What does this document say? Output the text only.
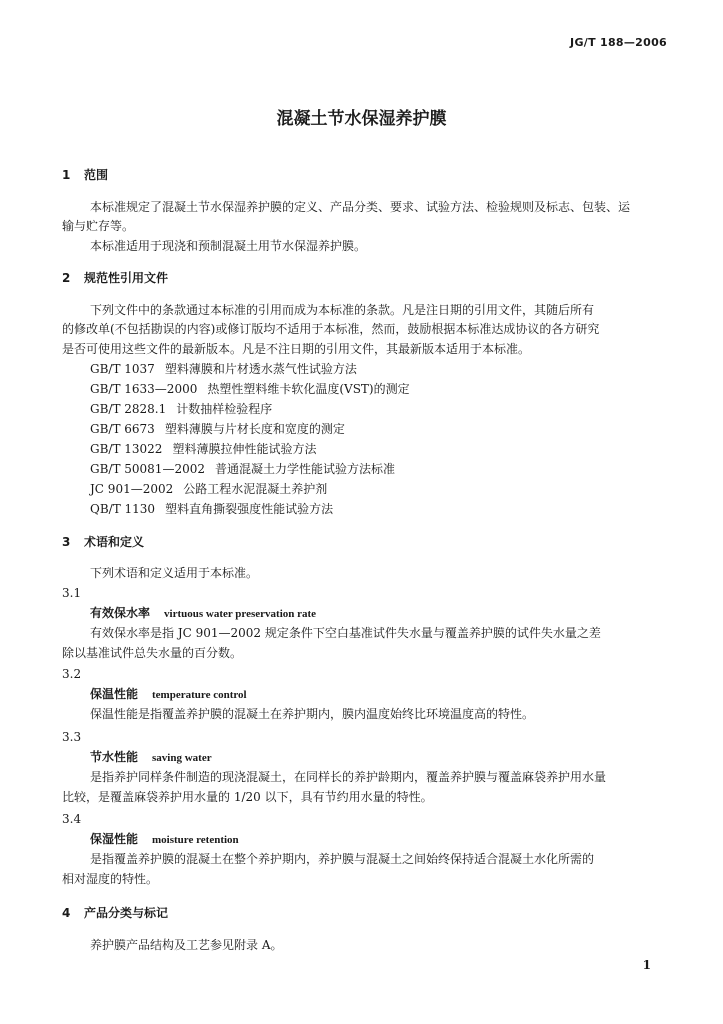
JG/T 188—2006
混凝土节水保湿养护膜
1 范围
本标准规定了混凝土节水保湿养护膜的定义、产品分类、要求、试验方法、检验规则及标志、包装、运
输与贮存等。
本标准适用于现浇和预制混凝土用节水保湿养护膜。
2 规范性引用文件
下列文件中的条款通过本标准的引用而成为本标准的条款。凡是注日期的引用文件，其随后所有
的修改单(不包括勘误的内容)或修订版均不适用于本标准，然而，鼓励根据本标准达成协议的各方研究
是否可使用这些文件的最新版本。凡是不注日期的引用文件，其最新版本适用于本标准。
GB/T 1037 塑料薄膜和片材透水蒸气性试验方法
GB/T 1633—2000 热塑性塑料维卡软化温度(VST)的测定
GB/T 2828.1 计数抽样检验程序
GB/T 6673 塑料薄膜与片材长度和宽度的测定
GB/T 13022 塑料薄膜拉伸性能试验方法
GB/T 50081—2002 普通混凝土力学性能试验方法标准
JC 901—2002 公路工程水泥混凝土养护剂
QB/T 1130 塑料直角撕裂强度性能试验方法
3 术语和定义
下列术语和定义适用于本标准。
3.1
有效保水率 virtuous water preservation rate
有效保水率是指 JC 901—2002 规定条件下空白基准试件失水量与覆盖养护膜的试件失水量之差
除以基准试件总失水量的百分数。
3.2
保温性能 temperature control
保温性能是指覆盖养护膜的混凝土在养护期内，膜内温度始终比环境温度高的特性。
3.3
节水性能 saving water
是指养护同样条件制造的现浇混凝土，在同样长的养护龄期内，覆盖养护膜与覆盖麻袋养护用水量
比较，是覆盖麻袋养护用水量的 1/20 以下，具有节约用水量的特性。
3.4
保湿性能 moisture retention
是指覆盖养护膜的混凝土在整个养护期内，养护膜与混凝土之间始终保持适合混凝土水化所需的
相对湿度的特性。
4 产品分类与标记
养护膜产品结构及工艺参见附录 A。
1
